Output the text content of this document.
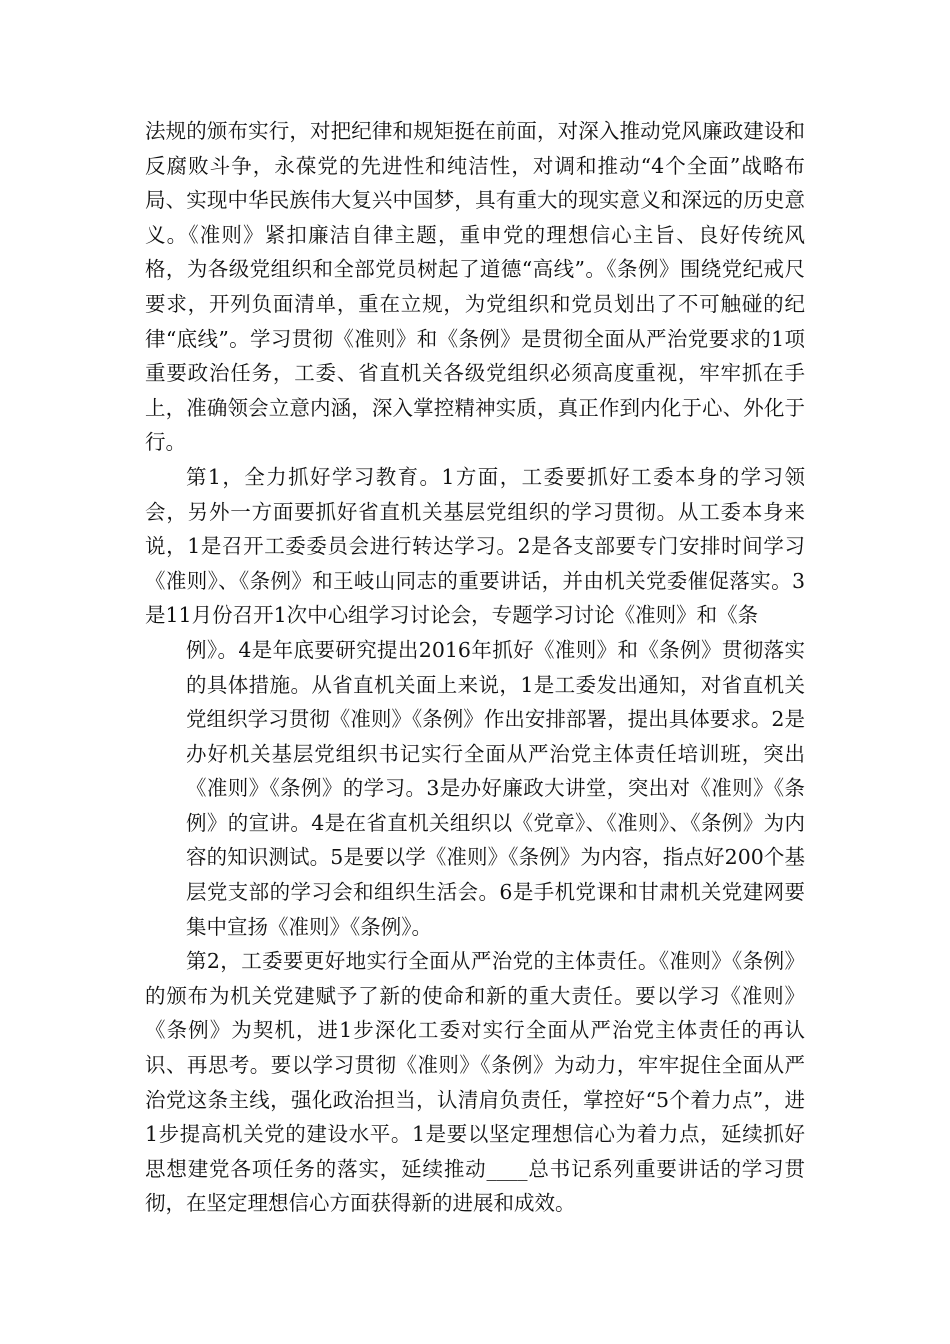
法规的颁布实行，对把纪律和规矩挺在前面，对深入推动党风廉政建设和反腐败斗争，永葆党的先进性和纯洁性，对调和推动“4个全面”战略布局、实现中华民族伟大复兴中国梦，具有重大的现实意义和深远的历史意义。《准则》紧扣廉洁自律主题，重申党的理想信心主旨、良好传统风格，为各级党组织和全部党员树起了道德“高线”。《条例》围绕党纪戒尺要求，开列负面清单，重在立规，为党组织和党员划出了不可触碰的纪律“底线”。学习贯彻《准则》和《条例》是贯彻全面从严治党要求的1项重要政治任务，工委、省直机关各级党组织必须高度重视，牢牢抓在手上，准确领会立意内涵，深入掌控精神实质，真正作到内化于心、外化于行。

第1，全力抓好学习教育。1方面，工委要抓好工委本身的学习领会，另外一方面要抓好省直机关基层党组织的学习贯彻。从工委本身来说，1是召开工委委员会进行转达学习。2是各支部要专门安排时间学习《准则》、《条例》和王岐山同志的重要讲话，并由机关党委催促落实。3是11月份召开1次中心组学习讨论会，专题学习讨论《准则》和《条

例》。4是年底要研究提出2016年抓好《准则》和《条例》贯彻落实的具体措施。从省直机关面上来说，1是工委发出通知，对省直机关党组织学习贯彻《准则》《条例》作出安排部署，提出具体要求。2是办好机关基层党组织书记实行全面从严治党主体责任培训班，突出《准则》《条例》的学习。3是办好廉政大讲堂，突出对《准则》《条例》的宣讲。4是在省直机关组织以《党章》、《准则》、《条例》为内容的知识测试。5是要以学《准则》《条例》为内容，指点好200个基层党支部的学习会和组织生活会。6是手机党课和甘肃机关党建网要集中宣扬《准则》《条例》。

第2，工委要更好地实行全面从严治党的主体责任。《准则》《条例》的颁布为机关党建赋予了新的使命和新的重大责任。要以学习《准则》《条例》为契机，进1步深化工委对实行全面从严治党主体责任的再认识、再思考。要以学习贯彻《准则》《条例》为动力，牢牢捉住全面从严治党这条主线，强化政治担当，认清肩负责任，掌控好“5个着力点”，进1步提高机关党的建设水平。1是要以坚定理想信心为着力点，延续抓好思想建党各项任务的落实，延续推动____总书记系列重要讲话的学习贯彻，在坚定理想信心方面获得新的进展和成效。
